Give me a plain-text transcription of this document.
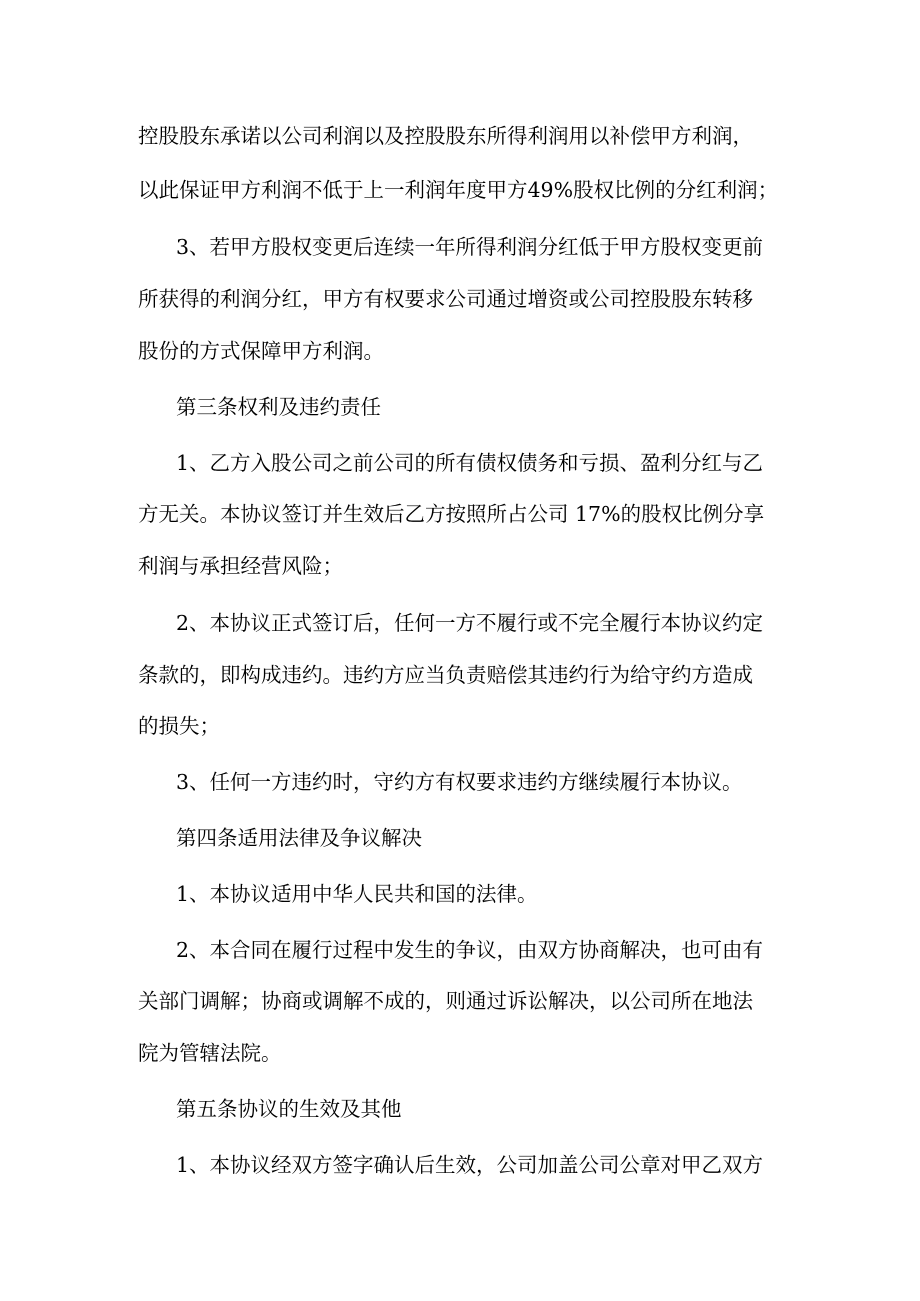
控股股东承诺以公司利润以及控股股东所得利润用以补偿甲方利润，
以此保证甲方利润不低于上一利润年度甲方49%股权比例的分红利润；
3、若甲方股权变更后连续一年所得利润分红低于甲方股权变更前
所获得的利润分红，甲方有权要求公司通过增资或公司控股股东转移
股份的方式保障甲方利润。
第三条权利及违约责任
1、乙方入股公司之前公司的所有债权债务和亏损、盈利分红与乙
方无关。本协议签订并生效后乙方按照所占公司 17%的股权比例分享
利润与承担经营风险；
2、本协议正式签订后，任何一方不履行或不完全履行本协议约定
条款的，即构成违约。违约方应当负责赔偿其违约行为给守约方造成
的损失；
3、任何一方违约时，守约方有权要求违约方继续履行本协议。
第四条适用法律及争议解决
1、本协议适用中华人民共和国的法律。
2、本合同在履行过程中发生的争议，由双方协商解决，也可由有
关部门调解；协商或调解不成的，则通过诉讼解决，以公司所在地法
院为管辖法院。
第五条协议的生效及其他
1、本协议经双方签字确认后生效，公司加盖公司公章对甲乙双方
